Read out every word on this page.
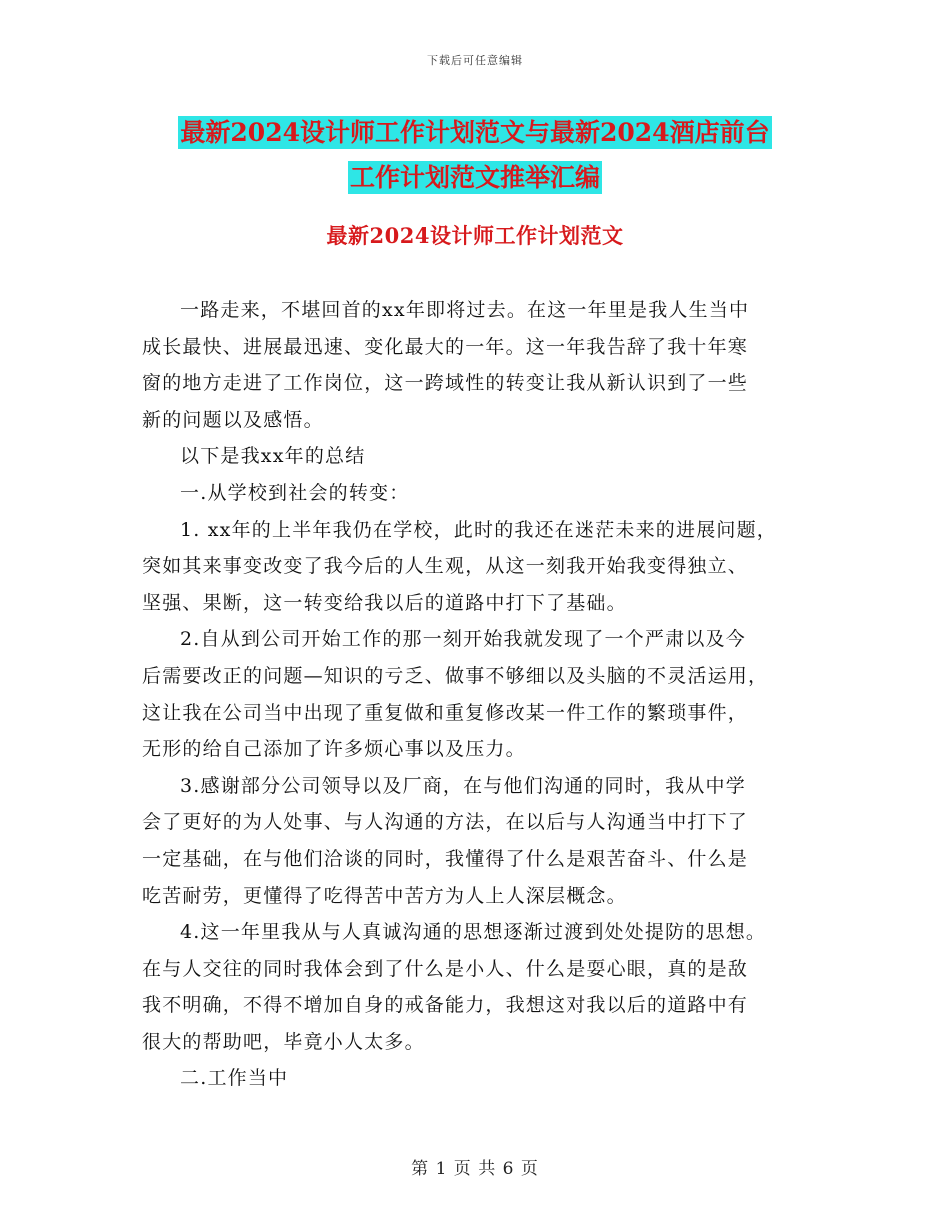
下载后可任意编辑
最新2024设计师工作计划范文与最新2024酒店前台
工作计划范文推举汇编
最新2024设计师工作计划范文

一路走来，不堪回首的xx年即将过去。在这一年里是我人生当中
成长最快、进展最迅速、变化最大的一年。这一年我告辞了我十年寒
窗的地方走进了工作岗位，这一跨域性的转变让我从新认识到了一些
新的问题以及感悟。

以下是我xx年的总结

一.从学校到社会的转变：

1. xx年的上半年我仍在学校，此时的我还在迷茫未来的进展问题，
突如其来事变改变了我今后的人生观，从这一刻我开始我变得独立、
坚强、果断，这一转变给我以后的道路中打下了基础。

2.自从到公司开始工作的那一刻开始我就发现了一个严肃以及今
后需要改正的问题—知识的亏乏、做事不够细以及头脑的不灵活运用，
这让我在公司当中出现了重复做和重复修改某一件工作的繁琐事件，
无形的给自己添加了许多烦心事以及压力。

3.感谢部分公司领导以及厂商，在与他们沟通的同时，我从中学
会了更好的为人处事、与人沟通的方法，在以后与人沟通当中打下了
一定基础，在与他们洽谈的同时，我懂得了什么是艰苦奋斗、什么是
吃苦耐劳，更懂得了吃得苦中苦方为人上人深层概念。

4.这一年里我从与人真诚沟通的思想逐渐过渡到处处提防的思想。
在与人交往的同时我体会到了什么是小人、什么是耍心眼，真的是敌
我不明确，不得不增加自身的戒备能力，我想这对我以后的道路中有
很大的帮助吧，毕竟小人太多。

二.工作当中

第 1 页 共 6 页
